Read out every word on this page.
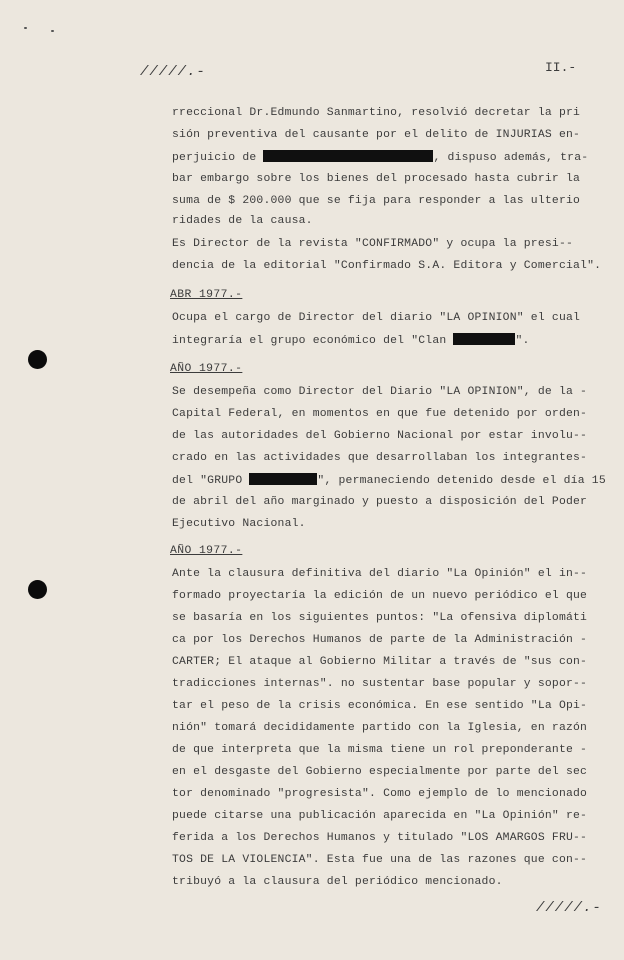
/////.-	II.-
rreccional Dr.Edmundo Sanmartino, resolvió decretar la pri
sión preventiva del causante por el delito de INJURIAS en-
perjuicio de	, dispuso además, tra-
bar embargo sobre los bienes del procesado hasta cubrir la
suma de $ 200.000 que se fija para responder a las ulterio
ridades de la causa.
Es Director de la revista "CONFIRMADO" y ocupa la presi--
dencia de la editorial "Confirmado S.A. Editora y Comercial".
ABR 1977.-
Ocupa el cargo de Director del diario "LA OPINION" el cual
integraría el grupo económico del "Clan	".
AÑO 1977.-
Se desempeña como Director del Diario "LA OPINION", de la -
Capital Federal, en momentos en que fue detenido por orden-
de las autoridades del Gobierno Nacional por estar involu--
crado en las actividades que desarrollaban los integrantes-
del "GRUPO	", permaneciendo detenido desde el día 15
de abril del año marginado y puesto a disposición del Poder
Ejecutivo Nacional.
AÑO 1977.-
Ante la clausura definitiva del diario "La Opinión" el in--
formado proyectaría la edición de un nuevo periódico el que
se basaría en los siguientes puntos: "La ofensiva diplomáti
ca por los Derechos Humanos de parte de la Administración -
CARTER; El ataque al Gobierno Militar a través de "sus con-
tradicciones internas". no sustentar base popular y sopor--
tar el peso de la crisis económica. En ese sentido "La Opi-
nión" tomará decididamente partido con la Iglesia, en razón
de que interpreta que la misma tiene un rol preponderante -
en el desgaste del Gobierno especialmente por parte del sec
tor denominado "progresista". Como ejemplo de lo mencionado
puede citarse una publicación aparecida en "La Opinión" re-
ferida a los Derechos Humanos y titulado "LOS AMARGOS FRU--
TOS DE LA VIOLENCIA". Esta fue una de las razones que con--
tribuyó a la clausura del periódico mencionado.
/////.-
